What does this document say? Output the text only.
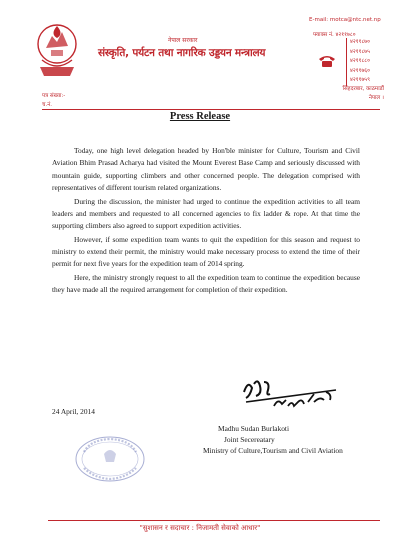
नेपाल सरकार
संस्कृति, पर्यटन तथा नागरिक उड्डयन मन्त्रालय
पत्र संख्या:-
च.नं.
E-mail: motca@ntc.net.np
फ्याक्स नं. ४२११७८०
४२११८७०
४२११८७५
४२११८८०
४२११७६०
४२११७५९
सिंहदरबार, काठमाडौं
नेपाल ।
Press Release

Today, one high level delegation headed by Hon'ble minister for Culture, Tourism and Civil Aviation Bhim Prasad Acharya had visited the Mount Everest Base Camp and seriously discussed with mountain guide, supporting climbers and other concerned people. The delegation comprised with representatives of different tourism related organizations.

During the discussion, the minister had urged to continue the expedition activities to all team leaders and members and requested to all concerned agencies to fix ladder & rope. At that time the supporting climbers also agreed to support expedition activities.

However, if some expedition team wants to quit the expedition for this season and request to ministry to extend their permit, the ministry would make necessary process to extend the time of their permit for next five years for the expedition team of 2014 spring.

Here, the ministry strongly request to all the expedition team to continue the expedition because they have made all the required arrangement for completion of their expedition.

24 April, 2014
Madhu Sudan Burlakoti
Joint Secereatary
Ministry of Culture,Tourism and Civil Aviation
"सुशासन र सदाचार : निजामती सेवाको आधार"
